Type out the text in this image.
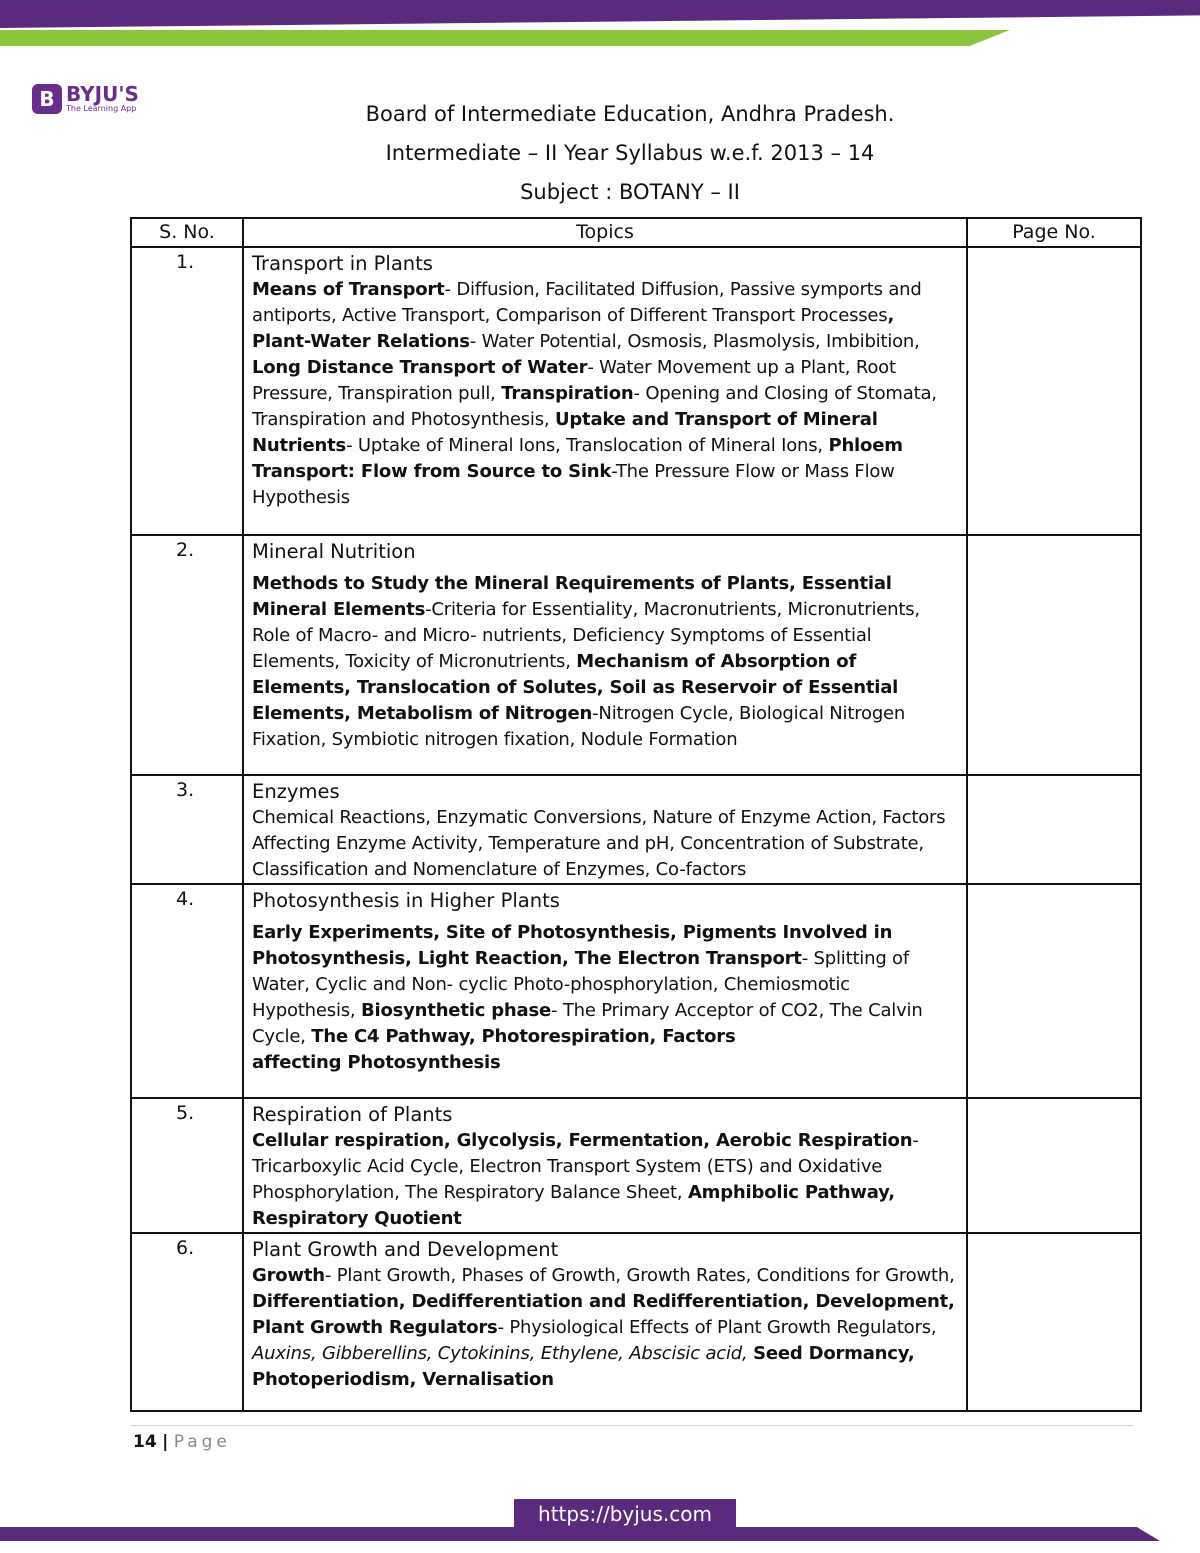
B BYJU'S
The Learning App	Board of Intermediate Education, Andhra Pradesh.
Intermediate – II Year Syllabus w.e.f. 2013 – 14
Subject : BOTANY – II
S. No.	Topics	Page No.
1.	Transport in Plants
Means of Transport- Diffusion, Facilitated Diffusion, Passive symports and antiports, Active Transport, Comparison of Different Transport Processes, Plant-Water Relations- Water Potential, Osmosis, Plasmolysis, Imbibition, Long Distance Transport of Water- Water Movement up a Plant, Root Pressure, Transpiration pull, Transpiration- Opening and Closing of Stomata, Transpiration and Photosynthesis, Uptake and Transport of Mineral Nutrients- Uptake of Mineral Ions, Translocation of Mineral Ions, Phloem Transport: Flow from Source to Sink-The Pressure Flow or Mass Flow Hypothesis	

2.	Mineral Nutrition
Methods to Study the Mineral Requirements of Plants, Essential Mineral Elements-Criteria for Essentiality, Macronutrients, Micronutrients, Role of Macro- and Micro- nutrients, Deficiency Symptoms of Essential Elements, Toxicity of Micronutrients, Mechanism of Absorption of Elements, Translocation of Solutes, Soil as Reservoir of Essential Elements, Metabolism of Nitrogen-Nitrogen Cycle, Biological Nitrogen Fixation, Symbiotic nitrogen fixation, Nodule Formation	

3.	Enzymes
Chemical Reactions, Enzymatic Conversions, Nature of Enzyme Action, Factors Affecting Enzyme Activity, Temperature and pH, Concentration of Substrate, Classification and Nomenclature of Enzymes, Co-factors	

4.	Photosynthesis in Higher Plants
Early Experiments, Site of Photosynthesis, Pigments Involved in Photosynthesis, Light Reaction, The Electron Transport- Splitting of Water, Cyclic and Non- cyclic Photo-phosphorylation, Chemiosmotic Hypothesis, Biosynthetic phase- The Primary Acceptor of CO2, The Calvin Cycle, The C4 Pathway, Photorespiration, Factors
affecting Photosynthesis	

5.	Respiration of Plants
Cellular respiration, Glycolysis, Fermentation, Aerobic Respiration- Tricarboxylic Acid Cycle, Electron Transport System (ETS) and Oxidative Phosphorylation, The Respiratory Balance Sheet, Amphibolic Pathway, Respiratory Quotient	

6.	Plant Growth and Development
Growth- Plant Growth, Phases of Growth, Growth Rates, Conditions for Growth, Differentiation, Dedifferentiation and Redifferentiation, Development, Plant Growth Regulators- Physiological Effects of Plant Growth Regulators, Auxins, Gibberellins, Cytokinins, Ethylene, Abscisic acid, Seed Dormancy, Photoperiodism, Vernalisation	

14 | Page
https://byjus.com
